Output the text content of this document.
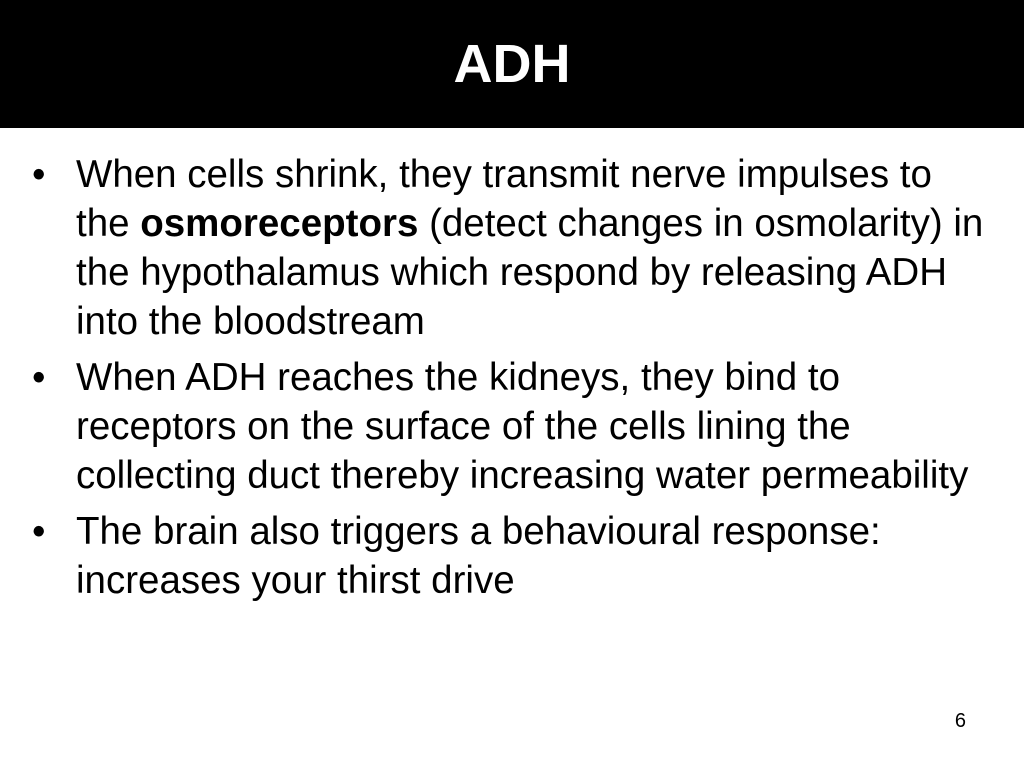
ADH
• When cells shrink, they transmit nerve impulses to the osmoreceptors (detect changes in osmolarity) in the hypothalamus which respond by releasing ADH into the bloodstream
• When ADH reaches the kidneys, they bind to receptors on the surface of the cells lining the collecting duct thereby increasing water permeability
• The brain also triggers a behavioural response: increases your thirst drive
6
